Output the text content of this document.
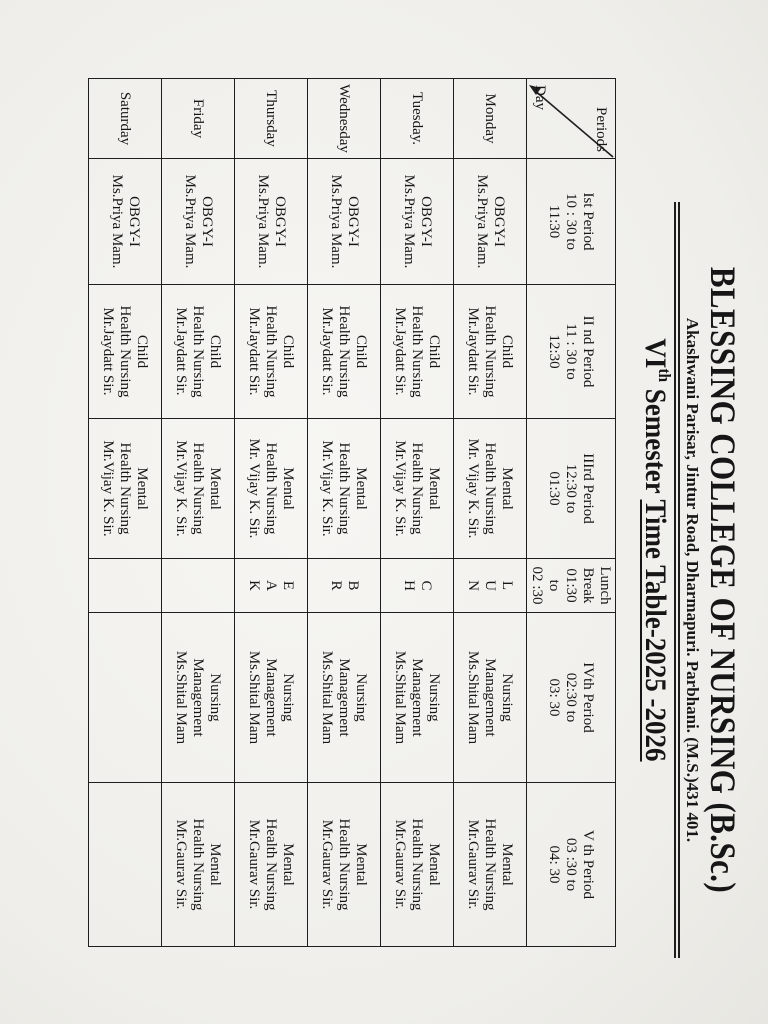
BLESSING COLLEGE OF NURSING (B.Sc.)
Akashwani Parisar, Jintur Road, Dharmapuri. Parbhani. (M.S.)431 401.
VIth Semester Time Table-2025 -2026
Periods
Day	Ist Period
10 : 30 to
11:30	II nd Period
11 : 30 to
12:30	IIIrd Period
12:30 to
01:30	Lunch
Break
01:30 to
02 :30	IVth Period
02:30 to
03: 30	V th Period
03 :30 to
04: 30

Monday	OBGY-I
Ms.Priya Mam.	Child
Health Nursing
Mr.Jaydatt Sir.	Mental
Health Nursing
Mr. Vijay K. Sir.	L
U
N	Nursing
Management
Ms.Shital Mam	Mental
Health Nursing
Mr.Gaurav Sir.

Tuesday.	OBGY-I
Ms.Priya Mam.	Child
Health Nursing
Mr.Jaydatt Sir.	Mental
Health Nursing
Mr.Vijay K. Sir.	C
H	Nursing
Management
Ms.Shital Mam	Mental
Health Nursing
Mr.Gaurav Sir.

Wednesday	OBGY-I
Ms.Priya Mam.	Child
Health Nursing
Mr.Jaydatt Sir.	Mental
Health Nursing
Mr.Vijay K. Sir.	B
R	Nursing
Management
Ms.Shital Mam	Mental
Health Nursing
Mr.Gaurav Sir.

Thursday	OBGY-I
Ms.Priya Mam.	Child
Health Nursing
Mr.Jaydatt Sir.	Mental
Health Nursing
Mr. Vijay K. Sir.	E
A
K	Nursing
Management
Ms.Shital Mam	Mental
Health Nursing
Mr.Gaurav Sir.

Friday	OBGY-I
Ms.Priya Mam.	Child
Health Nursing
Mr.Jaydatt Sir.	Mental
Health Nursing
Mr.Vijay K. Sir.		Nursing
Management
Ms.Shital Mam	Mental
Health Nursing
Mr.Gaurav Sir.

Saturday	OBGY-I
Ms.Priya Mam.	Child
Health Nursing
Mr.Jaydatt Sir.	Mental
Health Nursing
Mr.Vijay K. Sir.			
